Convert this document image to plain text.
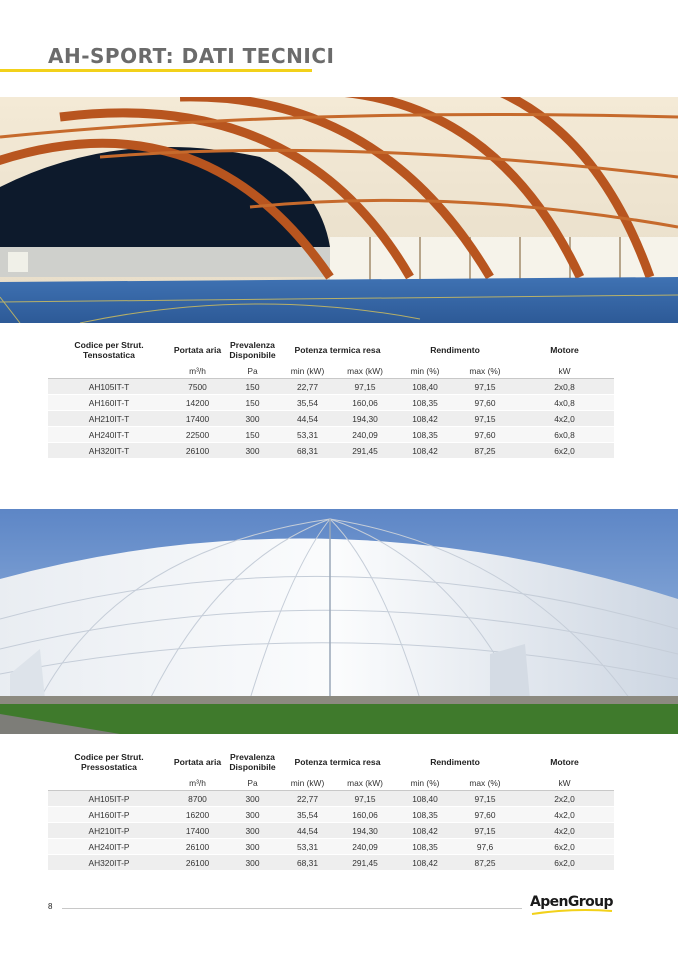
AH-SPORT: DATI TECNICI
Codice per Strut. Tensostatica	Portata aria	Prevalenza Disponibile	Potenza termica resa		Rendimento		Motore
	m³/h	Pa	min (kW)	max (kW)	min (%)	max (%)	kW
AH105IT-T	7500	150	22,77	97,15	108,40	97,15	2x0,8
AH160IT-T	14200	150	35,54	160,06	108,35	97,60	4x0,8
AH210IT-T	17400	300	44,54	194,30	108,42	97,15	4x2,0
AH240IT-T	22500	150	53,31	240,09	108,35	97,60	6x0,8
AH320IT-T	26100	300	68,31	291,45	108,42	87,25	6x2,0
Codice per Strut. Pressostatica	Portata aria	Prevalenza Disponibile	Potenza termica resa		Rendimento		Motore
	m³/h	Pa	min (kW)	max (kW)	min (%)	max (%)	kW
AH105IT-P	8700	300	22,77	97,15	108,40	97,15	2x2,0
AH160IT-P	16200	300	35,54	160,06	108,35	97,60	4x2,0
AH210IT-P	17400	300	44,54	194,30	108,42	97,15	4x2,0
AH240IT-P	26100	300	53,31	240,09	108,35	97,6	6x2,0
AH320IT-P	26100	300	68,31	291,45	108,42	87,25	6x2,0
8	ApenGroup
